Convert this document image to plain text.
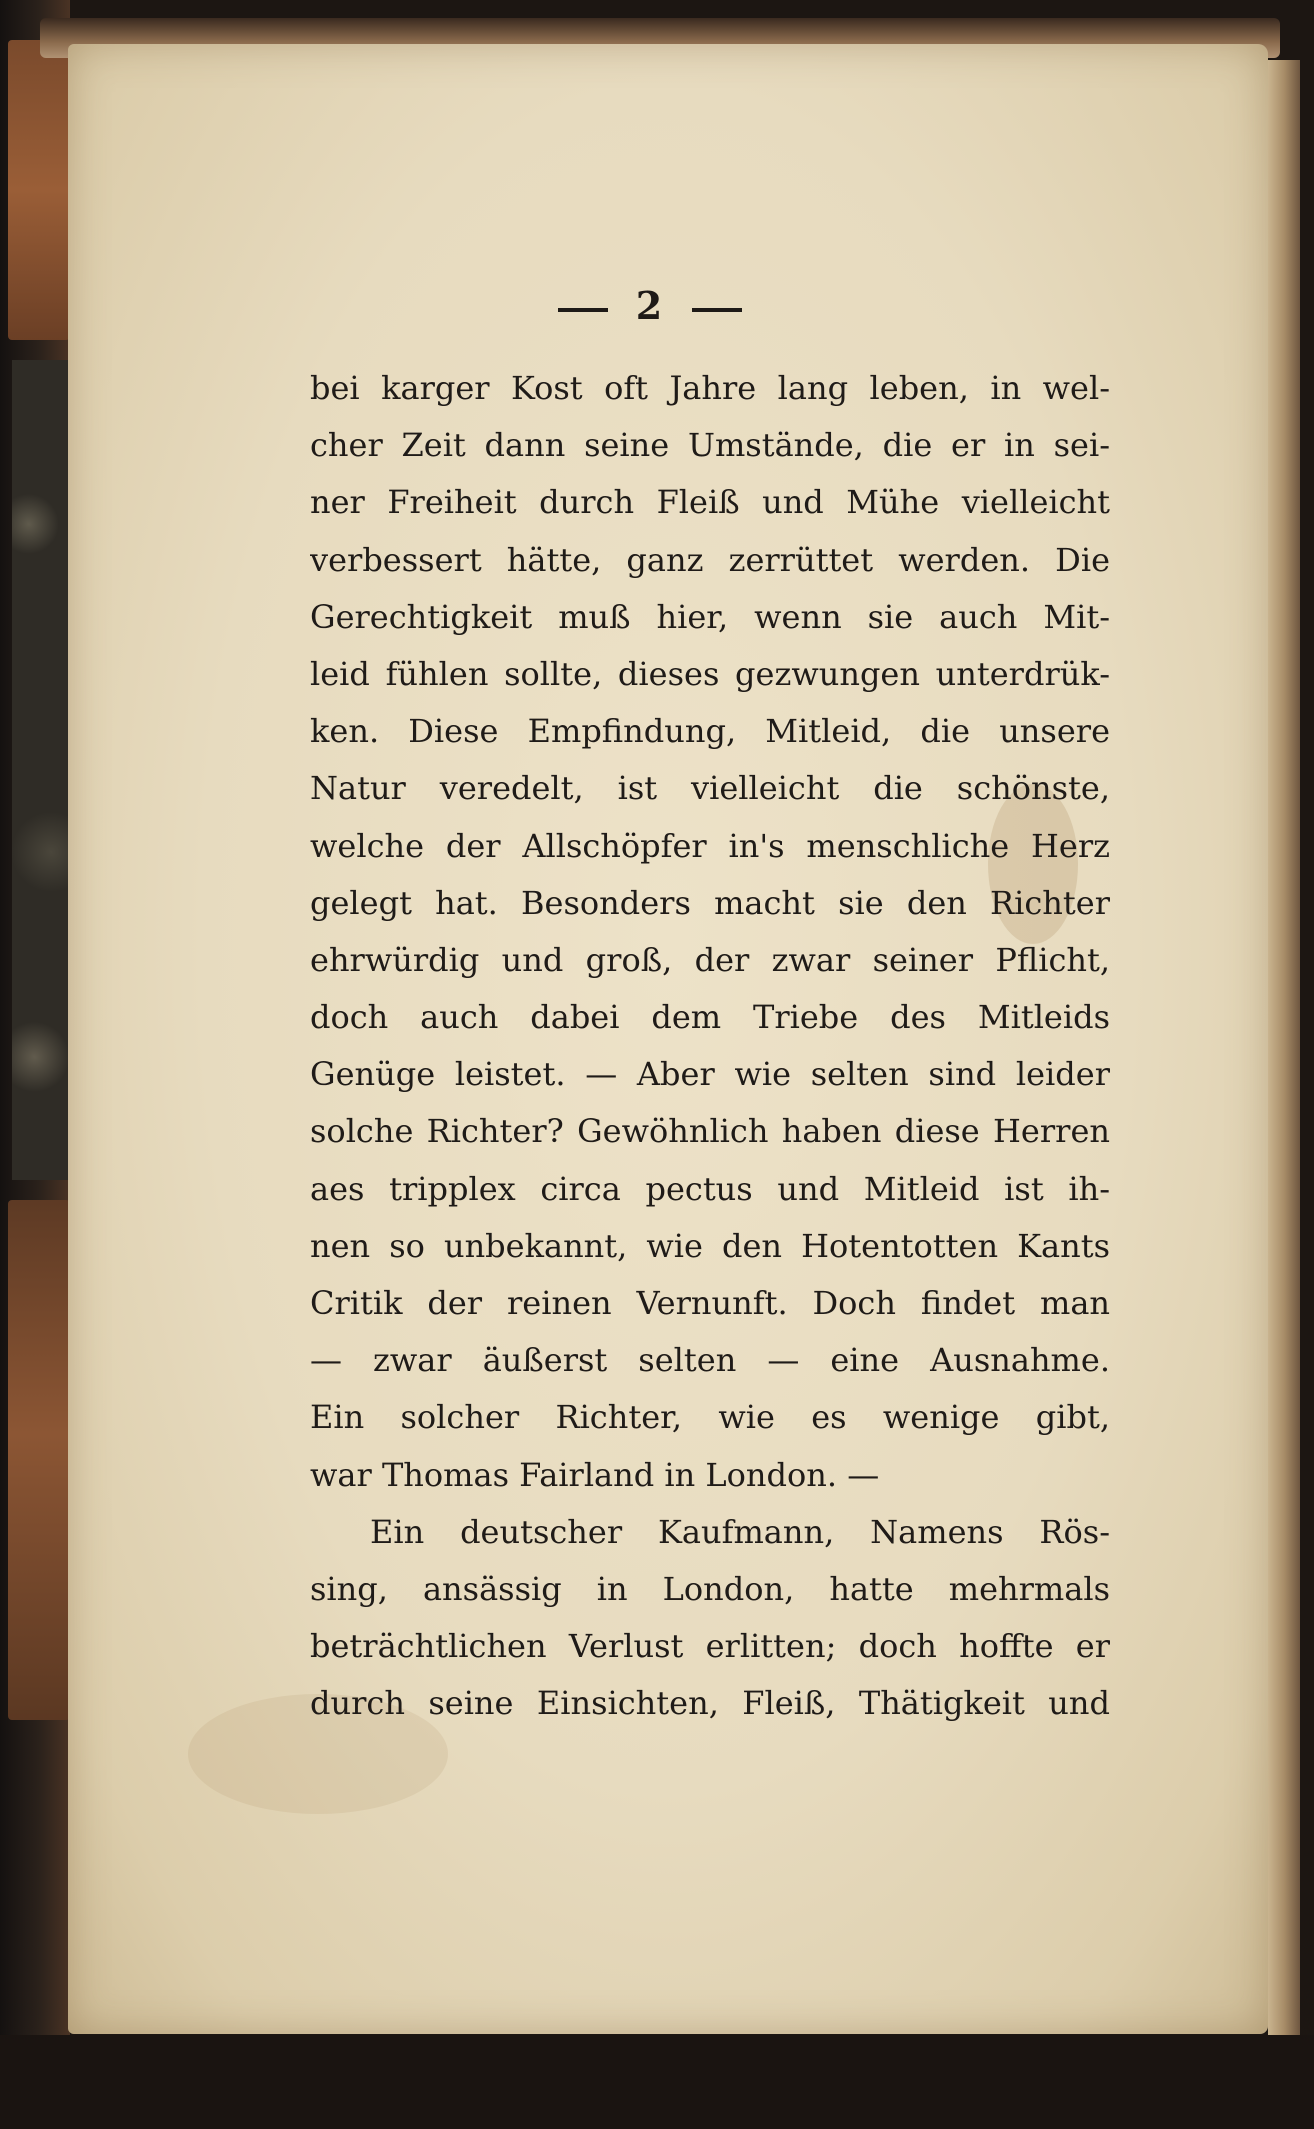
2
bei karger Kost oft Jahre lang leben, in wel-
cher Zeit dann seine Umstände, die er in sei-
ner Freiheit durch Fleiß und Mühe vielleicht
verbessert hätte, ganz zerrüttet werden. Die
Gerechtigkeit muß hier, wenn sie auch Mit-
leid fühlen sollte, dieses gezwungen unterdrük-
ken. Diese Empfindung, Mitleid, die unsere
Natur veredelt, ist vielleicht die schönste,
welche der Allschöpfer in's menschliche Herz
gelegt hat. Besonders macht sie den Richter
ehrwürdig und groß, der zwar seiner Pflicht,
doch auch dabei dem Triebe des Mitleids
Genüge leistet. — Aber wie selten sind leider
solche Richter? Gewöhnlich haben diese Herren
aes tripplex circa pectus und Mitleid ist ih-
nen so unbekannt, wie den Hotentotten Kants
Critik der reinen Vernunft. Doch findet man
— zwar äußerst selten — eine Ausnahme.
Ein solcher Richter, wie es wenige gibt,
war Thomas Fairland in London. —
Ein deutscher Kaufmann, Namens Rös-
sing, ansässig in London, hatte mehrmals
beträchtlichen Verlust erlitten; doch hoffte er
durch seine Einsichten, Fleiß, Thätigkeit und
